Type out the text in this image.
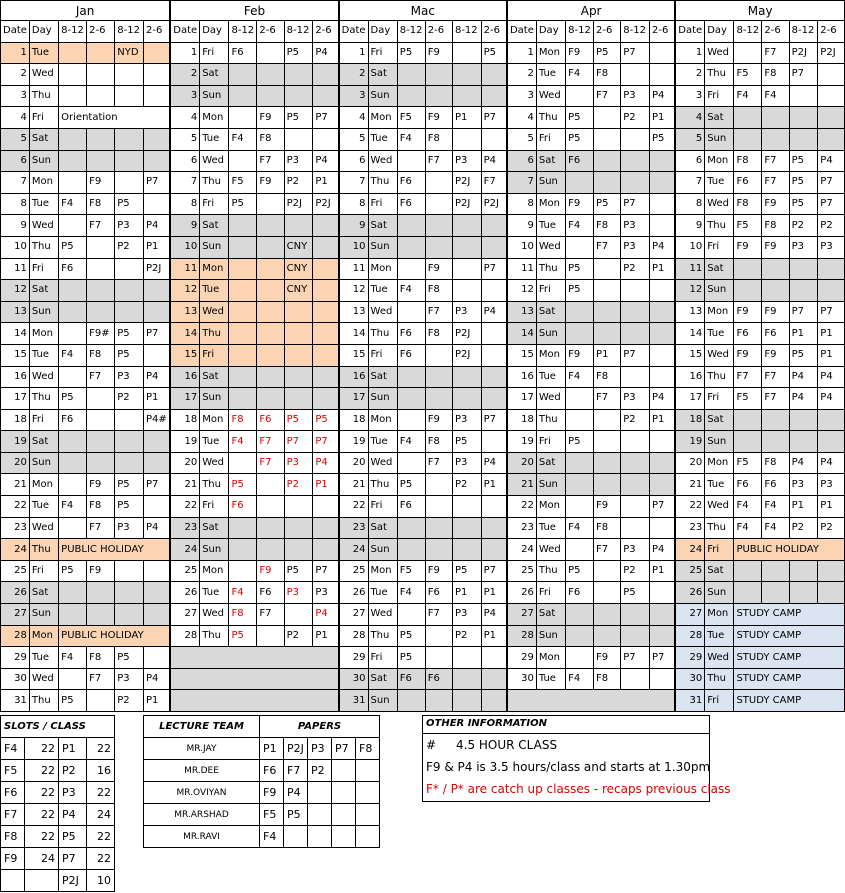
Jan						Feb						Mac						Apr						May					
Date	Day	8-12	2-6	8-12	2-6	Date	Day	8-12	2-6	8-12	2-6	Date	Day	8-12	2-6	8-12	2-6	Date	Day	8-12	2-6	8-12	2-6	Date	Day	8-12	2-6	8-12	2-6
1	Tue			NYD		1	Fri	F6		P5	P4	1	Fri	P5	F9		P5	1	Mon	F9	P5	P7		1	Wed		F7	P2J	P2J
2	Wed					2	Sat					2	Sat					2	Tue	F4	F8			2	Thu	F5	F8	P7	
3	Thu					3	Sun					3	Sun					3	Wed		F7	P3	P4	3	Fri	F4	F4		
4	Fri	Orientation				4	Mon		F9	P5	P7	4	Mon	F5	F9	P1	P7	4	Thu	P5		P2	P1	4	Sat				
5	Sat					5	Tue	F4	F8			5	Tue	F4	F8			5	Fri	P5			P5	5	Sun				
6	Sun					6	Wed		F7	P3	P4	6	Wed		F7	P3	P4	6	Sat	F6				6	Mon	F8	F7	P5	P4
7	Mon		F9		P7	7	Thu	F5	F9	P2	P1	7	Thu	F6		P2J	F7	7	Sun					7	Tue	F6	F7	P5	P7
8	Tue	F4	F8	P5		8	Fri	P5		P2J	P2J	8	Fri	F6		P2J	P2J	8	Mon	F9	P5	P7		8	Wed	F8	F9	P5	P7
9	Wed		F7	P3	P4	9	Sat					9	Sat					9	Tue	F4	F8	P3		9	Thu	F5	F8	P2	P2
10	Thu	P5		P2	P1	10	Sun			CNY		10	Sun					10	Wed		F7	P3	P4	10	Fri	F9	F9	P3	P3
11	Fri	F6			P2J	11	Mon			CNY		11	Mon		F9		P7	11	Thu	P5		P2	P1	11	Sat				
12	Sat					12	Tue			CNY		12	Tue	F4	F8			12	Fri	P5				12	Sun				
13	Sun					13	Wed					13	Wed		F7	P3	P4	13	Sat					13	Mon	F9	F9	P7	P7
14	Mon		F9#	P5	P7	14	Thu					14	Thu	F6	F8	P2J		14	Sun					14	Tue	F6	F6	P1	P1
15	Tue	F4	F8	P5		15	Fri					15	Fri	F6		P2J		15	Mon	F9	P1	P7		15	Wed	F9	F9	P5	P1
16	Wed		F7	P3	P4	16	Sat					16	Sat					16	Tue	F4	F8			16	Thu	F7	F7	P4	P4
17	Thu	P5		P2	P1	17	Sun					17	Sun					17	Wed		F7	P3	P4	17	Fri	F5	F7	P4	P4
18	Fri	F6			P4#	18	Mon	F8	F6	P5	P5	18	Mon		F9	P3	P7	18	Thu			P2	P1	18	Sat				
19	Sat					19	Tue	F4	F7	P7	P7	19	Tue	F4	F8	P5		19	Fri	P5				19	Sun				
20	Sun					20	Wed		F7	P3	P4	20	Wed		F7	P3	P4	20	Sat					20	Mon	F5	F8	P4	P4
21	Mon		F9	P5	P7	21	Thu	P5		P2	P1	21	Thu	P5		P2	P1	21	Sun					21	Tue	F6	F6	P3	P3
22	Tue	F4	F8	P5		22	Fri	F6				22	Fri	F6				22	Mon		F9		P7	22	Wed	F4	F4	P1	P1
23	Wed		F7	P3	P4	23	Sat					23	Sat					23	Tue	F4	F8			23	Thu	F4	F4	P2	P2
24	Thu	PUBLIC HOLIDAY				24	Sun					24	Sun					24	Wed		F7	P3	P4	24	Fri	PUBLIC HOLIDAY			
25	Fri	P5	F9			25	Mon		F9	P5	P7	25	Mon	F5	F9	P5	P7	25	Thu	P5		P2	P1	25	Sat				
26	Sat					26	Tue	F4	F6	P3	P3	26	Tue	F4	F6	P1	P1	26	Fri	F6		P5		26	Sun				
27	Sun					27	Wed	F8	F7		P4	27	Wed		F7	P3	P4	27	Sat					27	Mon	STUDY CAMP			
28	Mon	PUBLIC HOLIDAY				28	Thu	P5		P2	P1	28	Thu	P5		P2	P1	28	Sun					28	Tue	STUDY CAMP			
29	Tue	F4	F8	P5								29	Fri	P5				29	Mon		F9	P7	P7	29	Wed	STUDY CAMP			
30	Wed		F7	P3	P4							30	Sat	F6	F6			30	Tue	F4	F8			30	Thu	STUDY CAMP			
31	Thu	P5		P2	P1							31	Sun											31	Fri	STUDY CAMP			
SLOTS / CLASS			
F4	22	P1	22
F5	22	P2	16
F6	22	P3	22
F7	22	P4	24
F8	22	P5	22
F9	24	P7	22
		P2J	10
LECTURE TEAM	PAPERS				
MR.JAY	P1	P2J	P3	P7	F8
MR.DEE	F6	F7	P2		
MR.OVIYAN	F9	P4			
MR.ARSHAD	F5	P5			
MR.RAVI	F4				
OTHER INFORMATION
# 4.5 HOUR CLASS
F9 & P4 is 3.5 hours/class and starts at 1.30pm
F* / P* are catch up classes - recaps previous class
